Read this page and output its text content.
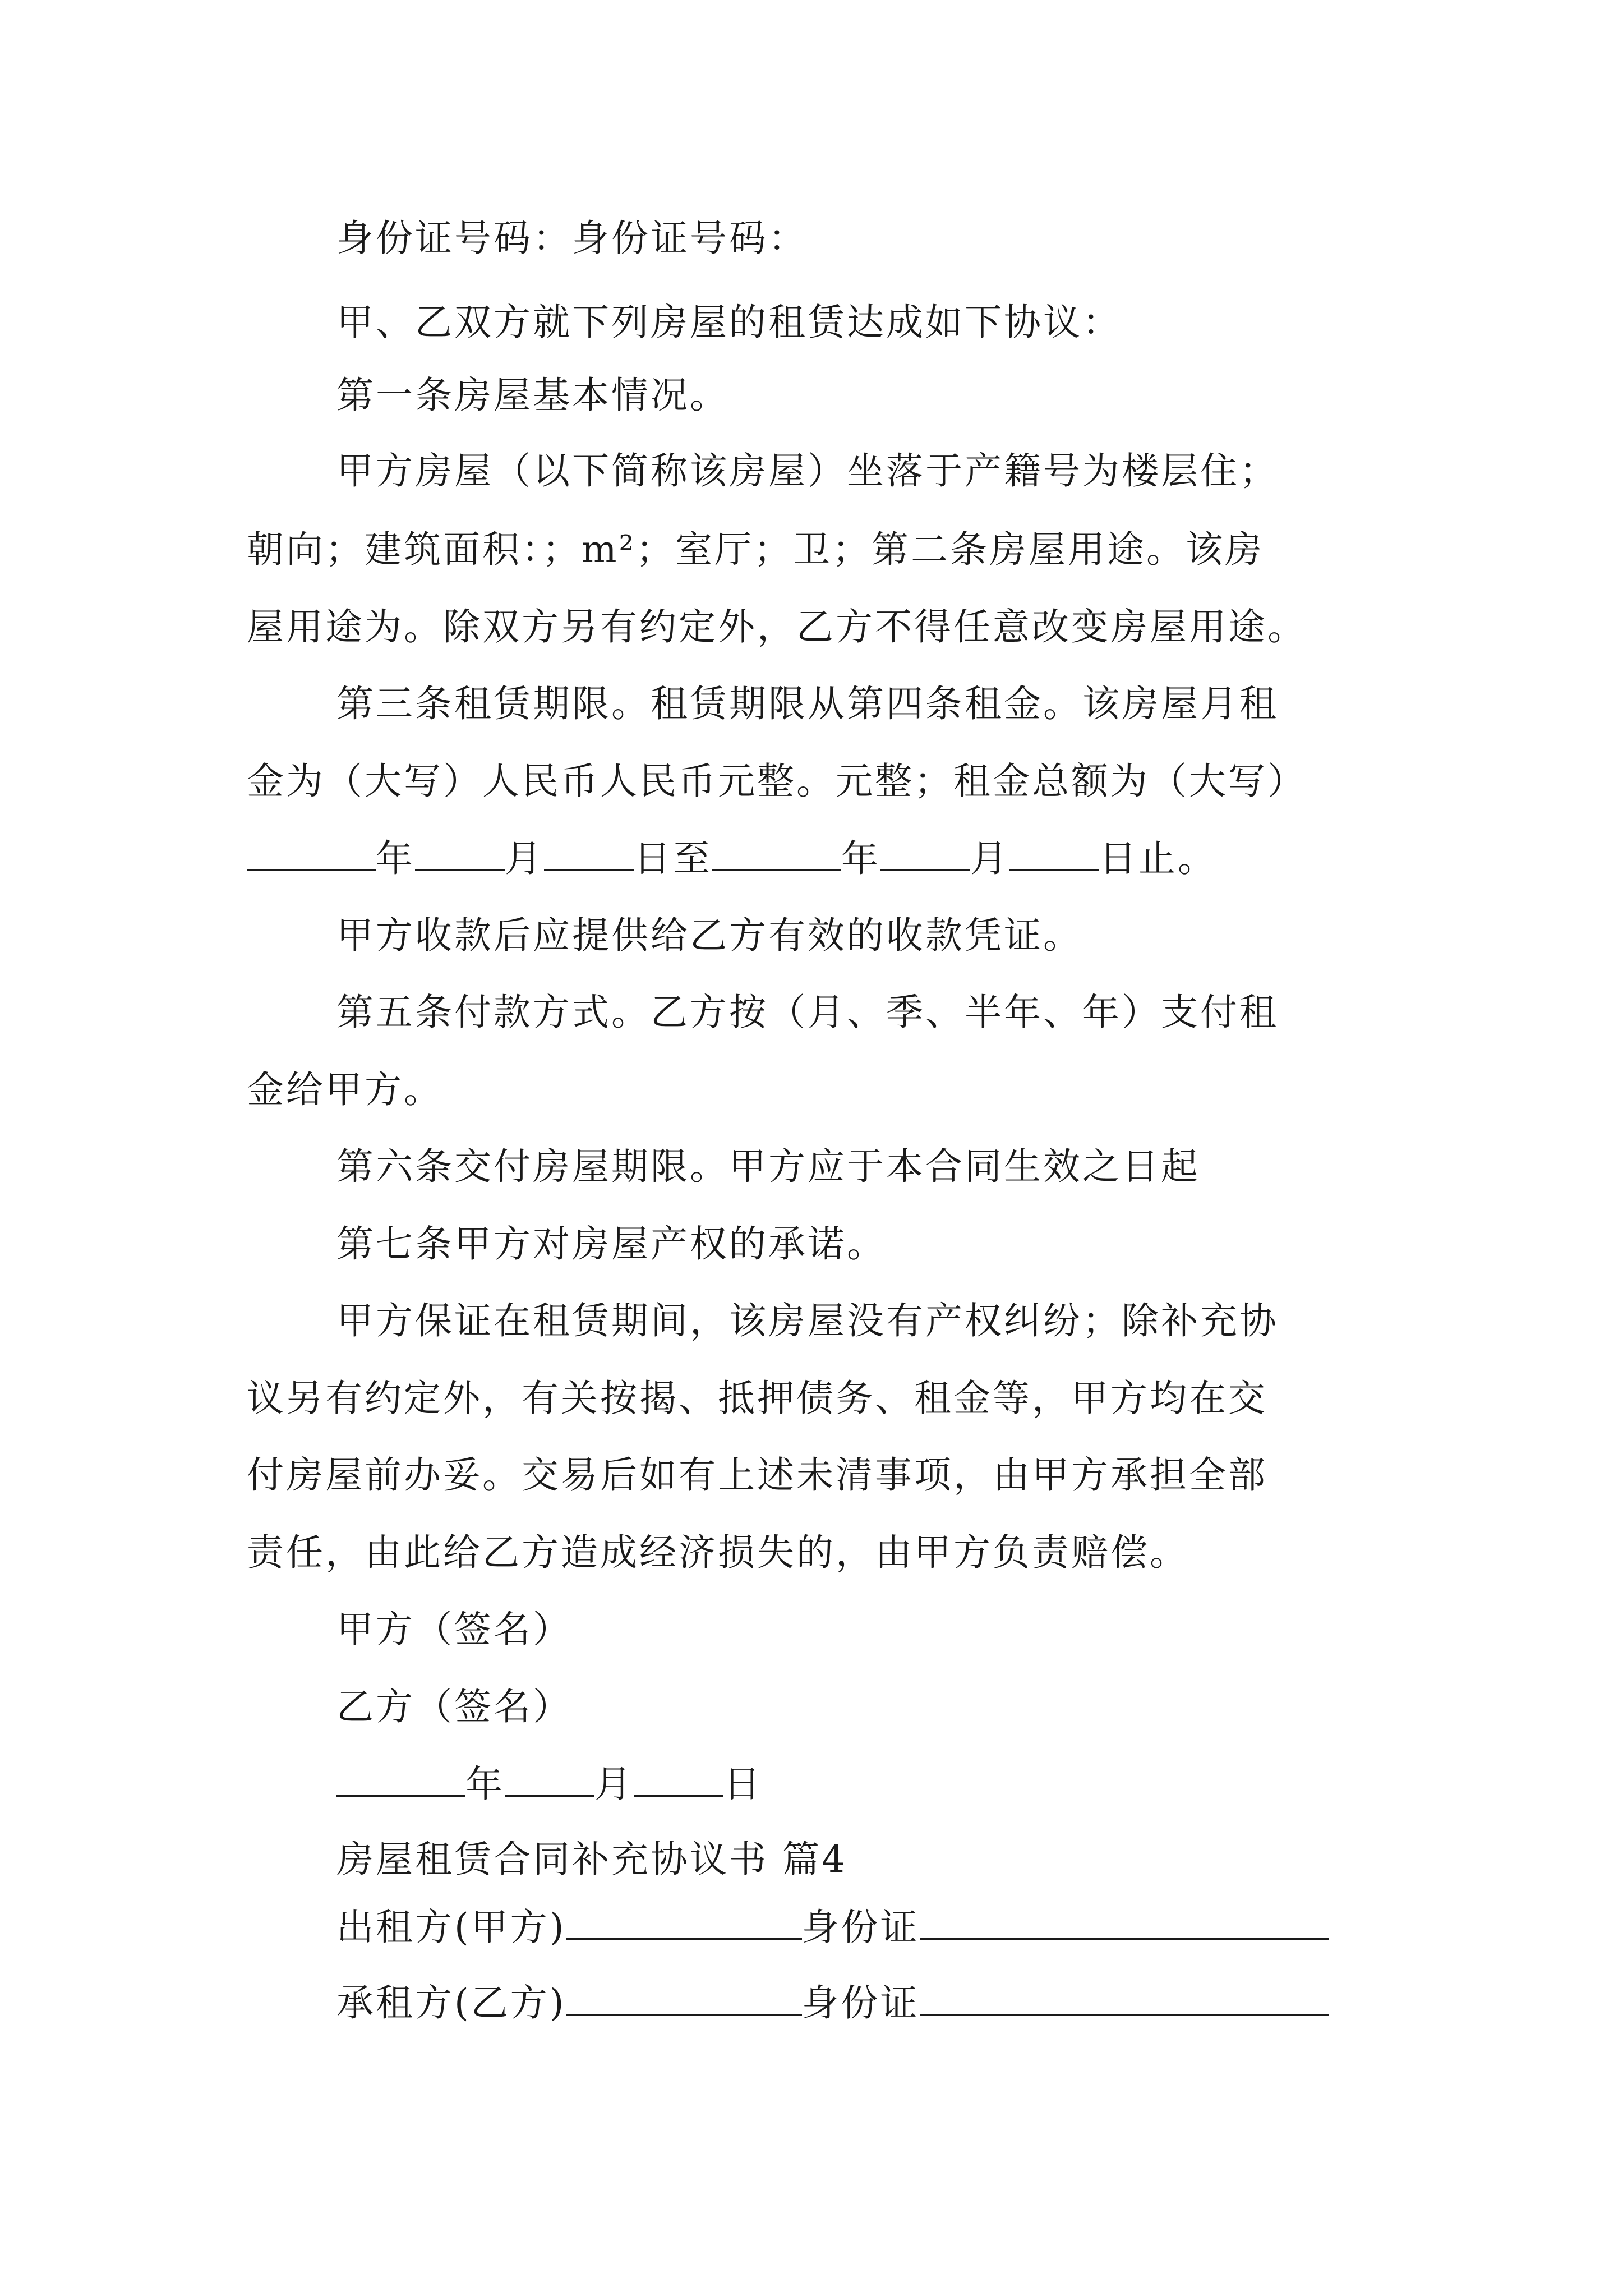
身份证号码：身份证号码：
甲、乙双方就下列房屋的租赁达成如下协议：
第一条房屋基本情况。
甲方房屋（以下简称该房屋）坐落于产籍号为楼层住；
朝向；建筑面积：；m²；室厅；卫；第二条房屋用途。该房
屋用途为。除双方另有约定外，乙方不得任意改变房屋用途。
第三条租赁期限。租赁期限从第四条租金。该房屋月租
金为（大写）人民币人民币元整。元整；租金总额为（大写）
年 月 日至	年 月 日止。
甲方收款后应提供给乙方有效的收款凭证。
第五条付款方式。乙方按（月、季、半年、年）支付租
金给甲方。
第六条交付房屋期限。甲方应于本合同生效之日起
第七条甲方对房屋产权的承诺。
甲方保证在租赁期间，该房屋没有产权纠纷；除补充协
议另有约定外，有关按揭、抵押债务、租金等，甲方均在交
付房屋前办妥。交易后如有上述未清事项，由甲方承担全部
责任，由此给乙方造成经济损失的，由甲方负责赔偿。
甲方（签名）
乙方（签名）
年 月 日
房屋租赁合同补充协议书 篇4
出租方(甲方)	身份证
承租方(乙方)	身份证
